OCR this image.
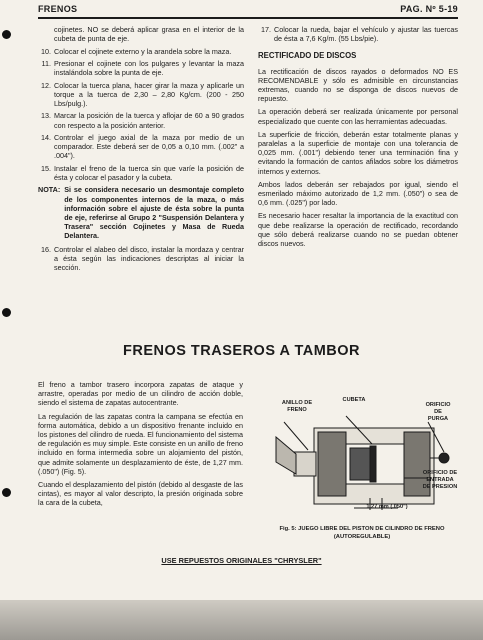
FRENOS	PAG. Nº 5-19
cojinetes. NO se deberá aplicar grasa en el interior de la cubeta de punta de eje.
10. Colocar el cojinete externo y la arandela sobre la maza.
11. Presionar el cojinete con los pulgares y levantar la maza instalándola sobre la punta de eje.
12. Colocar la tuerca plana, hacer girar la maza y aplicarle un torque a la tuerca de 2,30 – 2,80 Kg/cm. (200 - 250 Lbs/pulg.).
13. Marcar la posición de la tuerca y aflojar de 60 a 90 grados con respecto a la posición anterior.
14. Controlar el juego axial de la maza por medio de un comparador. Este deberá ser de 0,05 a 0,10 mm. (.002" a .004").
15. Instalar el freno de la tuerca sin que varíe la posición de ésta y colocar el pasador y la cubeta.
NOTA: Si se considera necesario un desmontaje completo de los componentes internos de la maza, o más información sobre el ajuste de ésta sobre la punta de eje, referirse al Grupo 2 "Suspensión Delantera y Trasera" sección Cojinetes y Masa de Rueda Delantera.
16. Controlar el alabeo del disco, instalar la mordaza y centrar a ésta según las indicaciones descriptas al iniciar la sección.
17. Colocar la rueda, bajar el vehículo y ajustar las tuercas de ésta a 7,6 Kg/m. (55 Lbs/pie).
RECTIFICADO DE DISCOS

La rectificación de discos rayados o deformados NO ES RECOMENDABLE y sólo es admisible en circunstancias extremas, cuando no se disponga de discos nuevos de repuesto.

La operación deberá ser realizada únicamente por personal especializado que cuente con las herramientas adecuadas.

La superficie de fricción, deberán estar totalmente planas y paralelas a la superficie de montaje con una tolerancia de 0,025 mm. (.001") debiendo tener una terminación fina y evitando la formación de cantos afilados sobre los diámetros internos y externos.

Ambos lados deberán ser rebajados por igual, siendo el esmerilado máximo autorizado de 1,2 mm. (.050") o sea de 0,6 mm. (.025") por lado.

Es necesario hacer resaltar la importancia de la exactitud con que debe realizarse la operación de rectificado, recordando que sólo deberá realizarse cuando no se puedan obtener discos nuevos.

FRENOS TRASEROS A TAMBOR

El freno a tambor trasero incorpora zapatas de ataque y arrastre, operadas por medio de un cilindro de acción doble, siendo el sistema de zapatas autocentrante.

La regulación de las zapatas contra la campana se efectúa en forma automática, debido a un dispositivo frenante incluido en los pistones del cilindro de rueda. El funcionamiento del sistema de regulación es muy simple. Este consiste en un anillo de freno incluido en forma intermedia sobre un alojamiento del pistón, que admite solamente un desplazamiento de éste, de 1,27 mm. (.050") (Fig. 5).

Cuando el desplazamiento del pistón (debido al desgaste de las cintas), es mayor al valor descripto, la presión originada sobre la cara de la cubeta,

ANILLO DE
FRENO
CUBETA
ORIFICIO
DE
PURGA
ORIFICIO DE
ENTRADA
DE PRESION
1,27 mm (.050")
Fig. 5: JUEGO LIBRE DEL PISTON DE CILINDRO DE FRENO
(AUTOREGULABLE)
USE REPUESTOS ORIGINALES "CHRYSLER"
